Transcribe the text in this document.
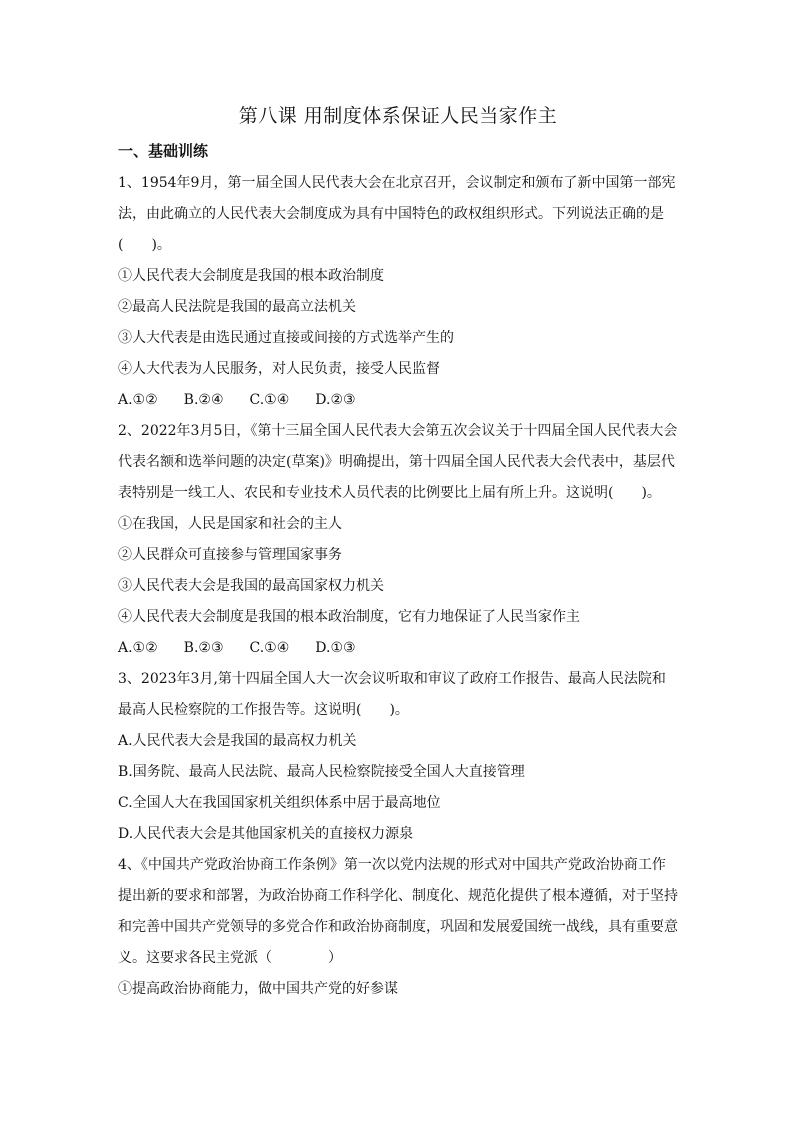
第八课 用制度体系保证人民当家作主
一、基础训练

1、1954年9月，第一届全国人民代表大会在北京召开，会议制定和颁布了新中国第一部宪法，由此确立的人民代表大会制度成为具有中国特色的政权组织形式。下列说法正确的是(　　)。

①人民代表大会制度是我国的根本政治制度

②最高人民法院是我国的最高立法机关

③人大代表是由选民通过直接或间接的方式选举产生的

④人大代表为人民服务，对人民负责，接受人民监督

A.①② B.②④ C.①④ D.②③

2、2022年3月5日，《第十三届全国人民代表大会第五次会议关于十四届全国人民代表大会代表名额和选举问题的决定(草案)》明确提出，第十四届全国人民代表大会代表中，基层代表特别是一线工人、农民和专业技术人员代表的比例要比上届有所上升。这说明(　　)。

①在我国，人民是国家和社会的主人

②人民群众可直接参与管理国家事务

③人民代表大会是我国的最高国家权力机关

④人民代表大会制度是我国的根本政治制度，它有力地保证了人民当家作主

A.①② B.②③ C.①④ D.①③

3、2023年3月,第十四届全国人大一次会议听取和审议了政府工作报告、最高人民法院和最高人民检察院的工作报告等。这说明(　　)。

A.人民代表大会是我国的最高权力机关

B.国务院、最高人民法院、最高人民检察院接受全国人大直接管理

C.全国人大在我国国家机关组织体系中居于最高地位

D.人民代表大会是其他国家机关的直接权力源泉

4、《中国共产党政治协商工作条例》第一次以党内法规的形式对中国共产党政治协商工作提出新的要求和部署，为政治协商工作科学化、制度化、规范化提供了根本遵循，对于坚持和完善中国共产党领导的多党合作和政治协商制度，巩固和发展爱国统一战线，具有重要意义。这要求各民主党派（　　　　）

①提高政治协商能力，做中国共产党的好参谋
